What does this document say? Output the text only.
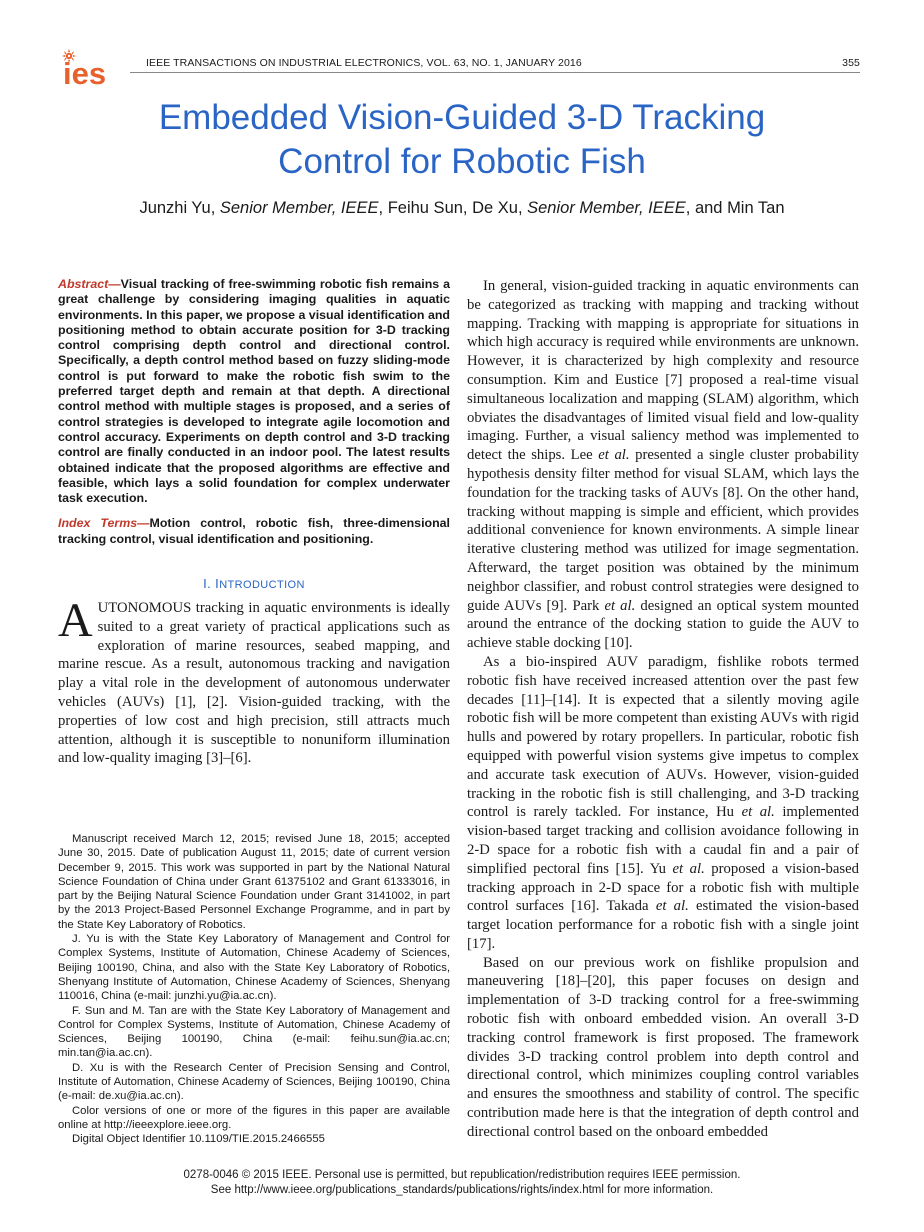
ies	IEEE TRANSACTIONS ON INDUSTRIAL ELECTRONICS, VOL. 63, NO. 1, JANUARY 2016	355
Embedded Vision-Guided 3-D Tracking
Control for Robotic Fish
Junzhi Yu, Senior Member, IEEE, Feihu Sun, De Xu, Senior Member, IEEE, and Min Tan

Abstract—Visual tracking of free-swimming robotic fish remains a great challenge by considering imaging qualities in aquatic environments. In this paper, we propose a visual identification and positioning method to obtain accurate position for 3-D tracking control comprising depth control and directional control. Specifically, a depth control method based on fuzzy sliding-mode control is put forward to make the robotic fish swim to the preferred target depth and remain at that depth. A directional control method with multiple stages is proposed, and a series of control strategies is developed to integrate agile locomotion and control accuracy. Experiments on depth control and 3-D tracking control are finally conducted in an indoor pool. The latest results obtained indicate that the proposed algorithms are effective and feasible, which lays a solid foundation for complex underwater task execution.

Index Terms—Motion control, robotic fish, three-dimensional tracking control, visual identification and positioning.

I. INTRODUCTION

AUTONOMOUS tracking in aquatic environments is ideally suited to a great variety of practical applications such as exploration of marine resources, seabed mapping, and marine rescue. As a result, autonomous tracking and navigation play a vital role in the development of autonomous underwater vehicles (AUVs) [1], [2]. Vision-guided tracking, with the properties of low cost and high precision, still attracts much attention, although it is susceptible to nonuniform illumination and low-quality imaging [3]–[6].

Manuscript received March 12, 2015; revised June 18, 2015; accepted June 30, 2015. Date of publication August 11, 2015; date of current version December 9, 2015. This work was supported in part by the National Natural Science Foundation of China under Grant 61375102 and Grant 61333016, in part by the Beijing Natural Science Foundation under Grant 3141002, in part by the 2013 Project-Based Personnel Exchange Programme, and in part by the State Key Laboratory of Robotics.

J. Yu is with the State Key Laboratory of Management and Control for Complex Systems, Institute of Automation, Chinese Academy of Sciences, Beijing 100190, China, and also with the State Key Laboratory of Robotics, Shenyang Institute of Automation, Chinese Academy of Sciences, Shenyang 110016, China (e-mail: junzhi.yu@ia.ac.cn).

F. Sun and M. Tan are with the State Key Laboratory of Management and Control for Complex Systems, Institute of Automation, Chinese Academy of Sciences, Beijing 100190, China (e-mail: feihu.sun@ia.ac.cn; min.tan@ia.ac.cn).

D. Xu is with the Research Center of Precision Sensing and Control, Institute of Automation, Chinese Academy of Sciences, Beijing 100190, China (e-mail: de.xu@ia.ac.cn).

Color versions of one or more of the figures in this paper are available online at http://ieeexplore.ieee.org.

Digital Object Identifier 10.1109/TIE.2015.2466555

In general, vision-guided tracking in aquatic environments can be categorized as tracking with mapping and tracking without mapping. Tracking with mapping is appropriate for situations in which high accuracy is required while environments are unknown. However, it is characterized by high complexity and resource consumption. Kim and Eustice [7] proposed a real-time visual simultaneous localization and mapping (SLAM) algorithm, which obviates the disadvantages of limited visual field and low-quality imaging. Further, a visual saliency method was implemented to detect the ships. Lee et al. presented a single cluster probability hypothesis density filter method for visual SLAM, which lays the foundation for the tracking tasks of AUVs [8]. On the other hand, tracking without mapping is simple and efficient, which provides additional convenience for known environments. A simple linear iterative clustering method was utilized for image segmentation. Afterward, the target position was obtained by the minimum neighbor classifier, and robust control strategies were designed to guide AUVs [9]. Park et al. designed an optical system mounted around the entrance of the docking station to guide the AUV to achieve stable docking [10].

As a bio-inspired AUV paradigm, fishlike robots termed robotic fish have received increased attention over the past few decades [11]–[14]. It is expected that a silently moving agile robotic fish will be more competent than existing AUVs with rigid hulls and powered by rotary propellers. In particular, robotic fish equipped with powerful vision systems give impetus to complex and accurate task execution of AUVs. However, vision-guided tracking in the robotic fish is still challenging, and 3-D tracking control is rarely tackled. For instance, Hu et al. implemented vision-based target tracking and collision avoidance following in 2-D space for a robotic fish with a caudal fin and a pair of simplified pectoral fins [15]. Yu et al. proposed a vision-based tracking approach in 2-D space for a robotic fish with multiple control surfaces [16]. Takada et al. estimated the vision-based target location performance for a robotic fish with a single joint [17].

Based on our previous work on fishlike propulsion and maneuvering [18]–[20], this paper focuses on design and implementation of 3-D tracking control for a free-swimming robotic fish with onboard embedded vision. An overall 3-D tracking control framework is first proposed. The framework divides 3-D tracking control problem into depth control and directional control, which minimizes coupling control variables and ensures the smoothness and stability of control. The specific contribution made here is that the integration of depth control and directional control based on the onboard embedded

0278-0046 © 2015 IEEE. Personal use is permitted, but republication/redistribution requires IEEE permission.
See http://www.ieee.org/publications_standards/publications/rights/index.html for more information.
